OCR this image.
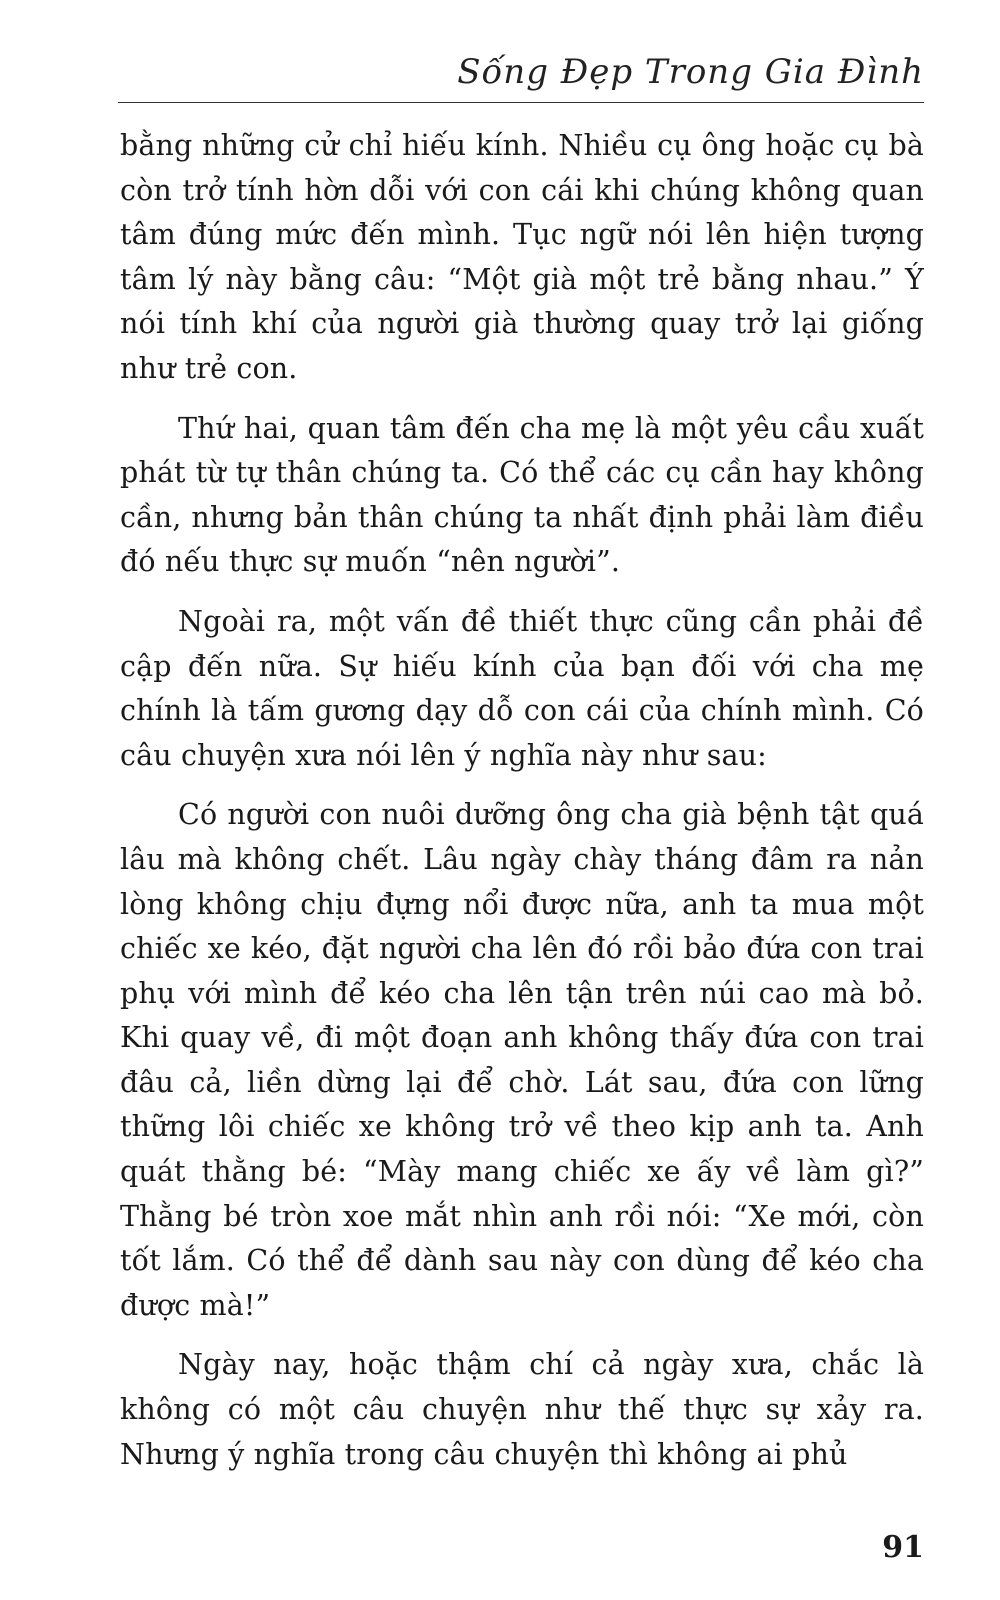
Sống Đẹp Trong Gia Đình

bằng những cử chỉ hiếu kính. Nhiều cụ ông hoặc cụ bà còn trở tính hờn dỗi với con cái khi chúng không quan tâm đúng mức đến mình. Tục ngữ nói lên hiện tượng tâm lý này bằng câu: “Một già một trẻ bằng nhau.” Ý nói tính khí của người già thường quay trở lại giống như trẻ con.

Thứ hai, quan tâm đến cha mẹ là một yêu cầu xuất phát từ tự thân chúng ta. Có thể các cụ cần hay không cần, nhưng bản thân chúng ta nhất định phải làm điều đó nếu thực sự muốn “nên người”.

Ngoài ra, một vấn đề thiết thực cũng cần phải đề cập đến nữa. Sự hiếu kính của bạn đối với cha mẹ chính là tấm gương dạy dỗ con cái của chính mình. Có câu chuyện xưa nói lên ý nghĩa này như sau:

Có người con nuôi dưỡng ông cha già bệnh tật quá lâu mà không chết. Lâu ngày chày tháng đâm ra nản lòng không chịu đựng nổi được nữa, anh ta mua một chiếc xe kéo, đặt người cha lên đó rồi bảo đứa con trai phụ với mình để kéo cha lên tận trên núi cao mà bỏ. Khi quay về, đi một đoạn anh không thấy đứa con trai đâu cả, liền dừng lại để chờ. Lát sau, đứa con lững thững lôi chiếc xe không trở về theo kịp anh ta. Anh quát thằng bé: “Mày mang chiếc xe ấy về làm gì?” Thằng bé tròn xoe mắt nhìn anh rồi nói: “Xe mới, còn tốt lắm. Có thể để dành sau này con dùng để kéo cha được mà!”

Ngày nay, hoặc thậm chí cả ngày xưa, chắc là không có một câu chuyện như thế thực sự xảy ra. Nhưng ý nghĩa trong câu chuyện thì không ai phủ

91
